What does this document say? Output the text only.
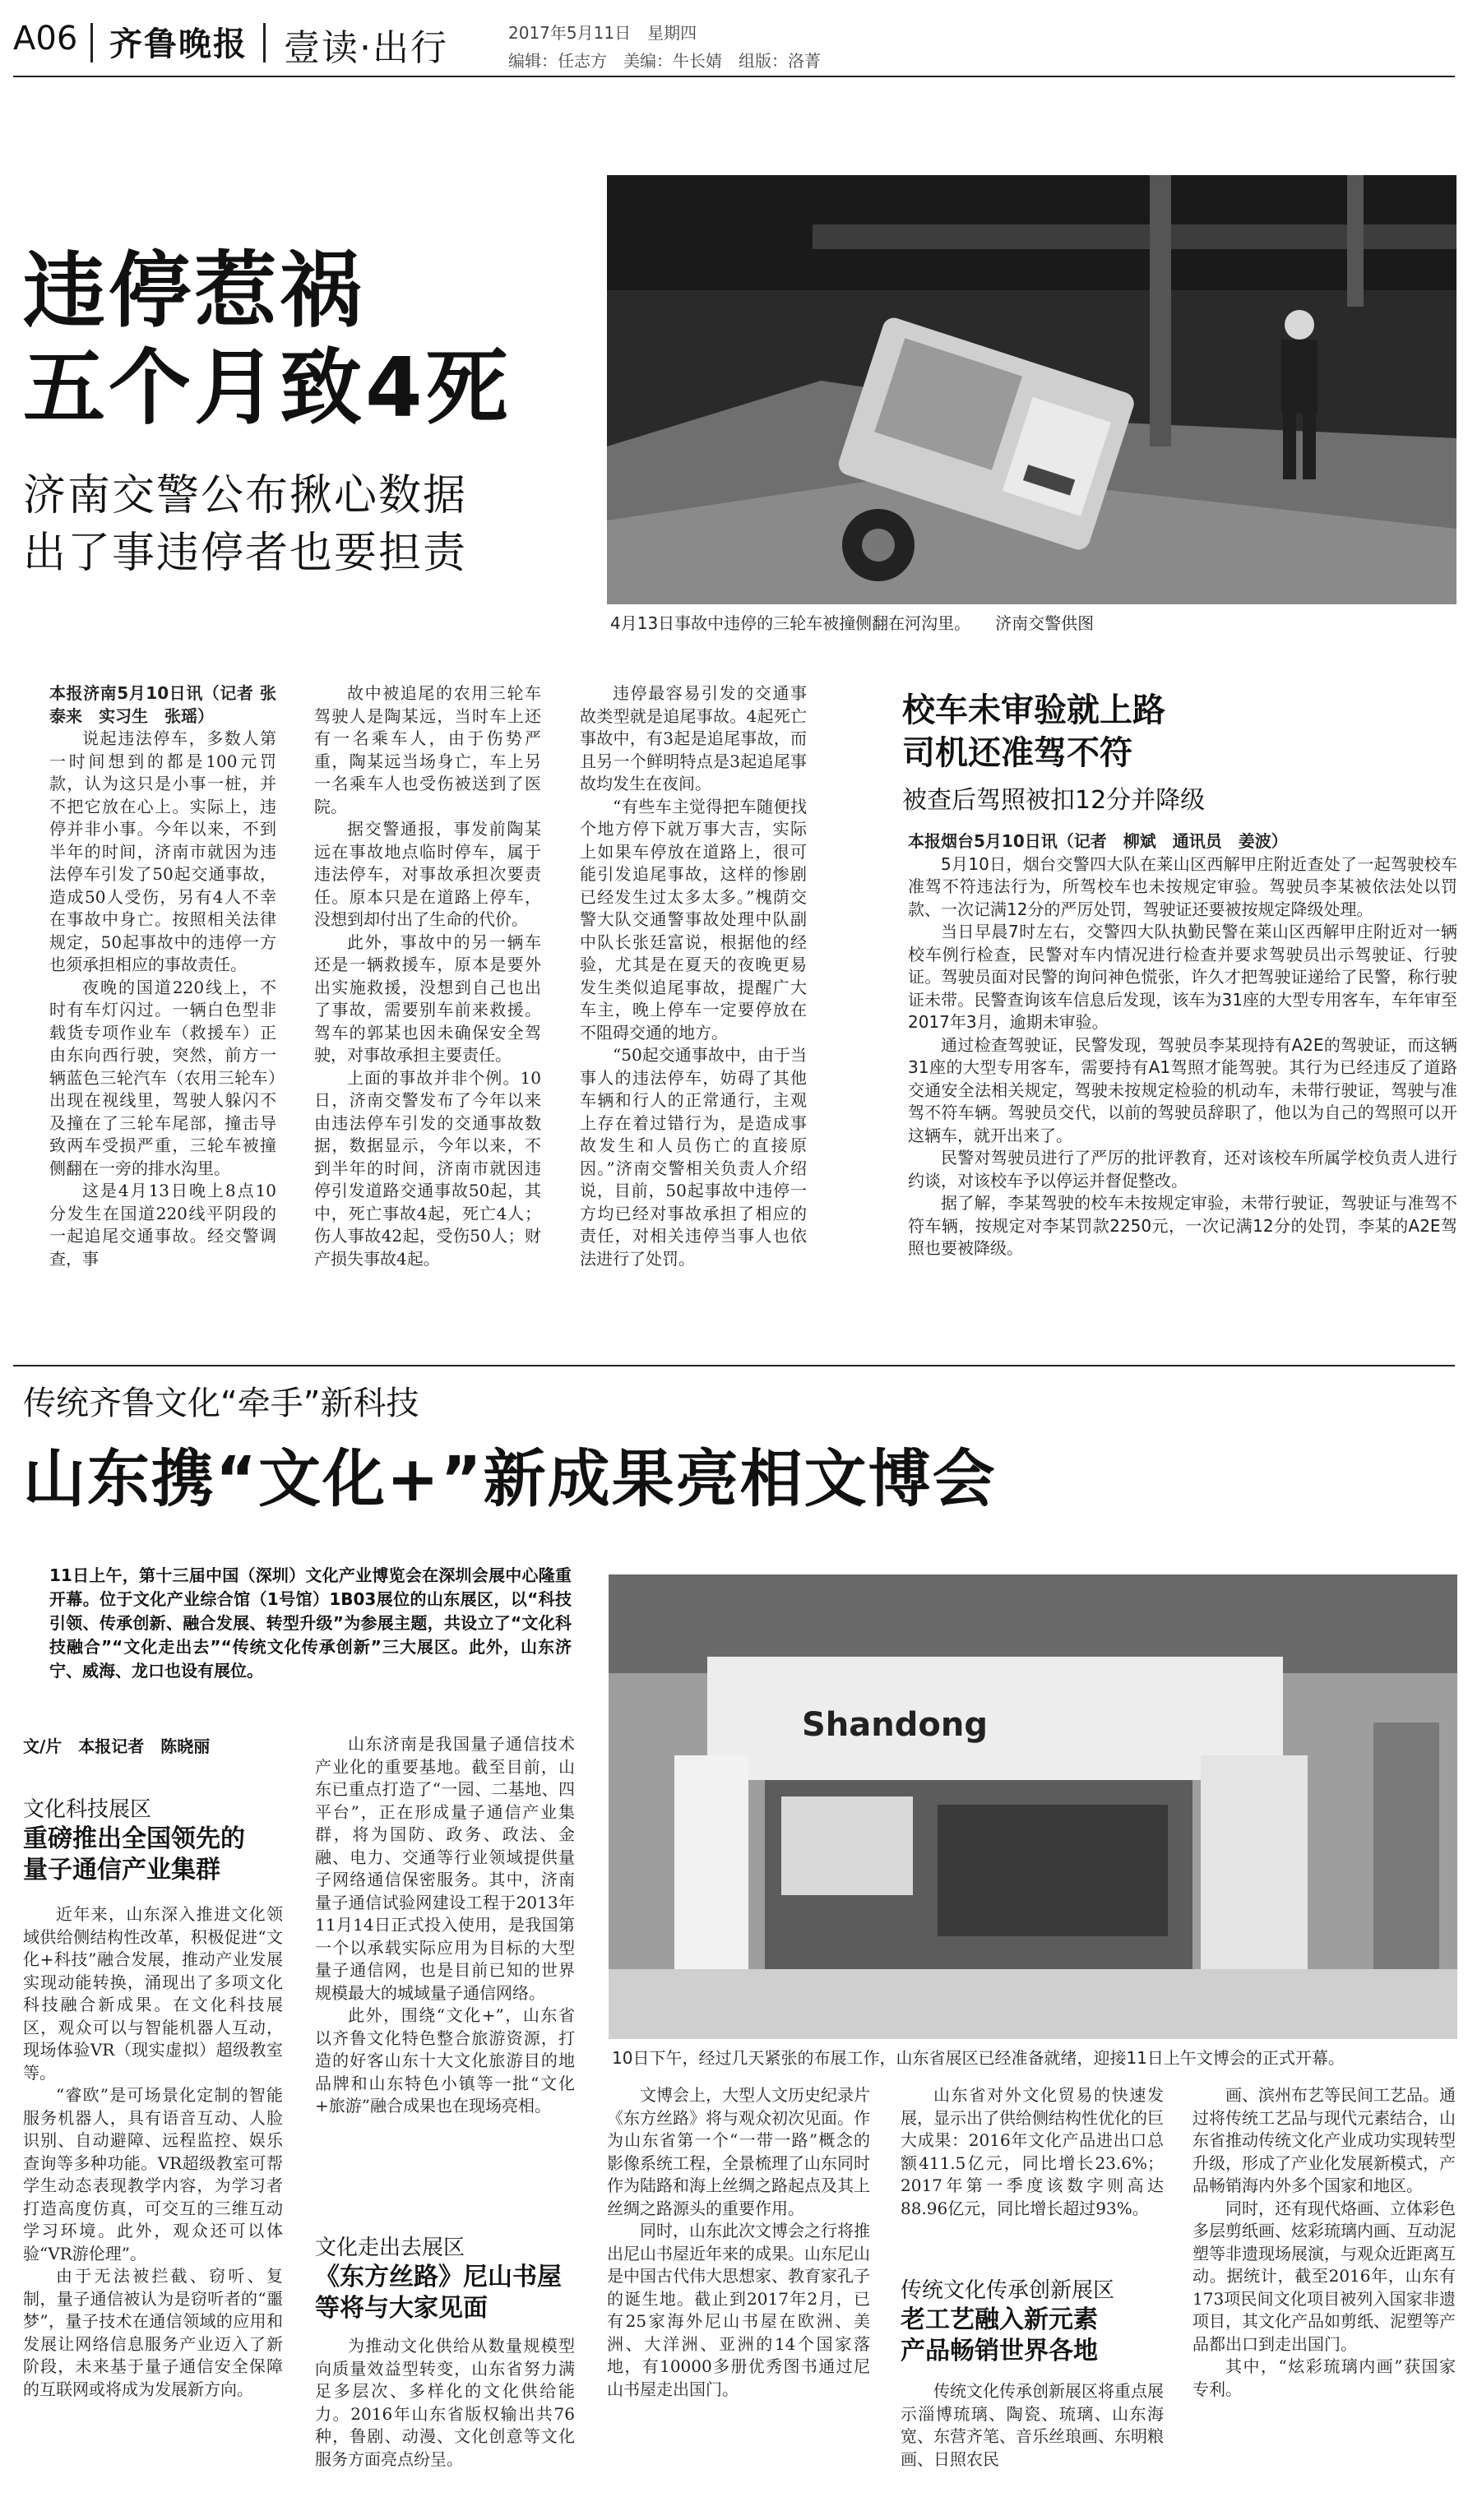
A06 齐鲁晚报 壹读·出行	2017年5月11日　星期四
编辑：任志方　美编：牛长婧　组版：洛菁
违停惹祸
五个月致4死
济南交警公布揪心数据
出了事违停者也要担责
4月13日事故中违停的三轮车被撞侧翻在河沟里。　　济南交警供图

本报济南5月10日讯（记者 张泰来　实习生　张瑶）

说起违法停车，多数人第一时间想到的都是100元罚款，认为这只是小事一桩，并不把它放在心上。实际上，违停并非小事。今年以来，不到半年的时间，济南市就因为违法停车引发了50起交通事故，造成50人受伤，另有4人不幸在事故中身亡。按照相关法律规定，50起事故中的违停一方也须承担相应的事故责任。

夜晚的国道220线上，不时有车灯闪过。一辆白色型非载货专项作业车（救援车）正由东向西行驶，突然，前方一辆蓝色三轮汽车（农用三轮车）出现在视线里，驾驶人躲闪不及撞在了三轮车尾部，撞击导致两车受损严重，三轮车被撞侧翻在一旁的排水沟里。

这是4月13日晚上8点10分发生在国道220线平阴段的一起追尾交通事故。经交警调查，事

故中被追尾的农用三轮车驾驶人是陶某远，当时车上还有一名乘车人，由于伤势严重，陶某远当场身亡，车上另一名乘车人也受伤被送到了医院。

据交警通报，事发前陶某远在事故地点临时停车，属于违法停车，对事故承担次要责任。原本只是在道路上停车，没想到却付出了生命的代价。

此外，事故中的另一辆车还是一辆救援车，原本是要外出实施救援，没想到自己也出了事故，需要别车前来救援。驾车的郭某也因未确保安全驾驶，对事故承担主要责任。

上面的事故并非个例。10日，济南交警发布了今年以来由违法停车引发的交通事故数据，数据显示，今年以来，不到半年的时间，济南市就因违停引发道路交通事故50起，其中，死亡事故4起，死亡4人；伤人事故42起，受伤50人；财产损失事故4起。

违停最容易引发的交通事故类型就是追尾事故。4起死亡事故中，有3起是追尾事故，而且另一个鲜明特点是3起追尾事故均发生在夜间。

“有些车主觉得把车随便找个地方停下就万事大吉，实际上如果车停放在道路上，很可能引发追尾事故，这样的惨剧已经发生过太多太多。”槐荫交警大队交通警事故处理中队副中队长张廷富说，根据他的经验，尤其是在夏天的夜晚更易发生类似追尾事故，提醒广大车主，晚上停车一定要停放在不阻碍交通的地方。

“50起交通事故中，由于当事人的违法停车，妨碍了其他车辆和行人的正常通行，主观上存在着过错行为，是造成事故发生和人员伤亡的直接原因。”济南交警相关负责人介绍说，目前，50起事故中违停一方均已经对事故承担了相应的责任，对相关违停当事人也依法进行了处罚。

校车未审验就上路
司机还准驾不符
被查后驾照被扣12分并降级

本报烟台5月10日讯（记者　柳斌　通讯员　姜波）

5月10日，烟台交警四大队在莱山区西解甲庄附近查处了一起驾驶校车准驾不符违法行为，所驾校车也未按规定审验。驾驶员李某被依法处以罚款、一次记满12分的严厉处罚，驾驶证还要被按规定降级处理。

当日早晨7时左右，交警四大队执勤民警在莱山区西解甲庄附近对一辆校车例行检查，民警对车内情况进行检查并要求驾驶员出示驾驶证、行驶证。驾驶员面对民警的询问神色慌张，许久才把驾驶证递给了民警，称行驶证未带。民警查询该车信息后发现，该车为31座的大型专用客车，车年审至2017年3月，逾期未审验。

通过检查驾驶证，民警发现，驾驶员李某现持有A2E的驾驶证，而这辆31座的大型专用客车，需要持有A1驾照才能驾驶。其行为已经违反了道路交通安全法相关规定，驾驶未按规定检验的机动车，未带行驶证，驾驶与准驾不符车辆。驾驶员交代，以前的驾驶员辞职了，他以为自己的驾照可以开这辆车，就开出来了。

民警对驾驶员进行了严厉的批评教育，还对该校车所属学校负责人进行约谈，对该校车予以停运并督促整改。

据了解，李某驾驶的校车未按规定审验，未带行驶证，驾驶证与准驾不符车辆，按规定对李某罚款2250元，一次记满12分的处罚，李某的A2E驾照也要被降级。

传统齐鲁文化“牵手”新科技
山东携“文化+”新成果亮相文博会
11日上午，第十三届中国（深圳）文化产业博览会在深圳会展中心隆重开幕。位于文化产业综合馆（1号馆）1B03展位的山东展区，以“科技引领、传承创新、融合发展、转型升级”为参展主题，共设立了“文化科技融合”“文化走出去”“传统文化传承创新”三大展区。此外，山东济宁、威海、龙口也设有展位。
Shandong
10日下午，经过几天紧张的布展工作，山东省展区已经准备就绪，迎接11日上午文博会的正式开幕。
文/片　本报记者　陈晓丽
文化科技展区
重磅推出全国领先的
量子通信产业集群

近年来，山东深入推进文化领域供给侧结构性改革，积极促进“文化+科技”融合发展，推动产业发展实现动能转换，涌现出了多项文化科技融合新成果。在文化科技展区，观众可以与智能机器人互动，现场体验VR（现实虚拟）超级教室等。

“睿欧”是可场景化定制的智能服务机器人，具有语音互动、人脸识别、自动避障、远程监控、娱乐查询等多种功能。VR超级教室可帮学生动态表现教学内容，为学习者打造高度仿真，可交互的三维互动学习环境。此外，观众还可以体验“VR游伦理”。

由于无法被拦截、窃听、复制，量子通信被认为是窃听者的“噩梦”，量子技术在通信领域的应用和发展让网络信息服务产业迈入了新阶段，未来基于量子通信安全保障的互联网或将成为发展新方向。

山东济南是我国量子通信技术产业化的重要基地。截至目前，山东已重点打造了“一园、二基地、四平台”，正在形成量子通信产业集群，将为国防、政务、政法、金融、电力、交通等行业领域提供量子网络通信保密服务。其中，济南量子通信试验网建设工程于2013年11月14日正式投入使用，是我国第一个以承载实际应用为目标的大型量子通信网，也是目前已知的世界规模最大的城域量子通信网络。

此外，围绕“文化+”，山东省以齐鲁文化特色整合旅游资源，打造的好客山东十大文化旅游目的地品牌和山东特色小镇等一批“文化+旅游”融合成果也在现场亮相。

文化走出去展区
《东方丝路》尼山书屋
等将与大家见面

为推动文化供给从数量规模型向质量效益型转变，山东省努力满足多层次、多样化的文化供给能力。2016年山东省版权输出共76种，鲁剧、动漫、文化创意等文化服务方面亮点纷呈。

文博会上，大型人文历史纪录片《东方丝路》将与观众初次见面。作为山东省第一个“一带一路”概念的影像系统工程，全景梳理了山东同时作为陆路和海上丝绸之路起点及其上丝绸之路源头的重要作用。

同时，山东此次文博会之行将推出尼山书屋近年来的成果。山东尼山是中国古代伟大思想家、教育家孔子的诞生地。截止到2017年2月，已有25家海外尼山书屋在欧洲、美洲、大洋洲、亚洲的14个国家落地，有10000多册优秀图书通过尼山书屋走出国门。

山东省对外文化贸易的快速发展，显示出了供给侧结构性优化的巨大成果：2016年文化产品进出口总额411.5亿元，同比增长23.6%；2017年第一季度该数字则高达88.96亿元，同比增长超过93%。

传统文化传承创新展区
老工艺融入新元素
产品畅销世界各地

传统文化传承创新展区将重点展示淄博琉璃、陶瓷、琉璃、山东海宽、东营齐笔、音乐丝琅画、东明粮画、日照农民

画、滨州布艺等民间工艺品。通过将传统工艺品与现代元素结合，山东省推动传统文化产业成功实现转型升级，形成了产业化发展新模式，产品畅销海内外多个国家和地区。

同时，还有现代烙画、立体彩色多层剪纸画、炫彩琉璃内画、互动泥塑等非遗现场展演，与观众近距离互动。据统计，截至2016年，山东有173项民间文化项目被列入国家非遗项目，其文化产品如剪纸、泥塑等产品都出口到走出国门。

其中，“炫彩琉璃内画”获国家专利。
